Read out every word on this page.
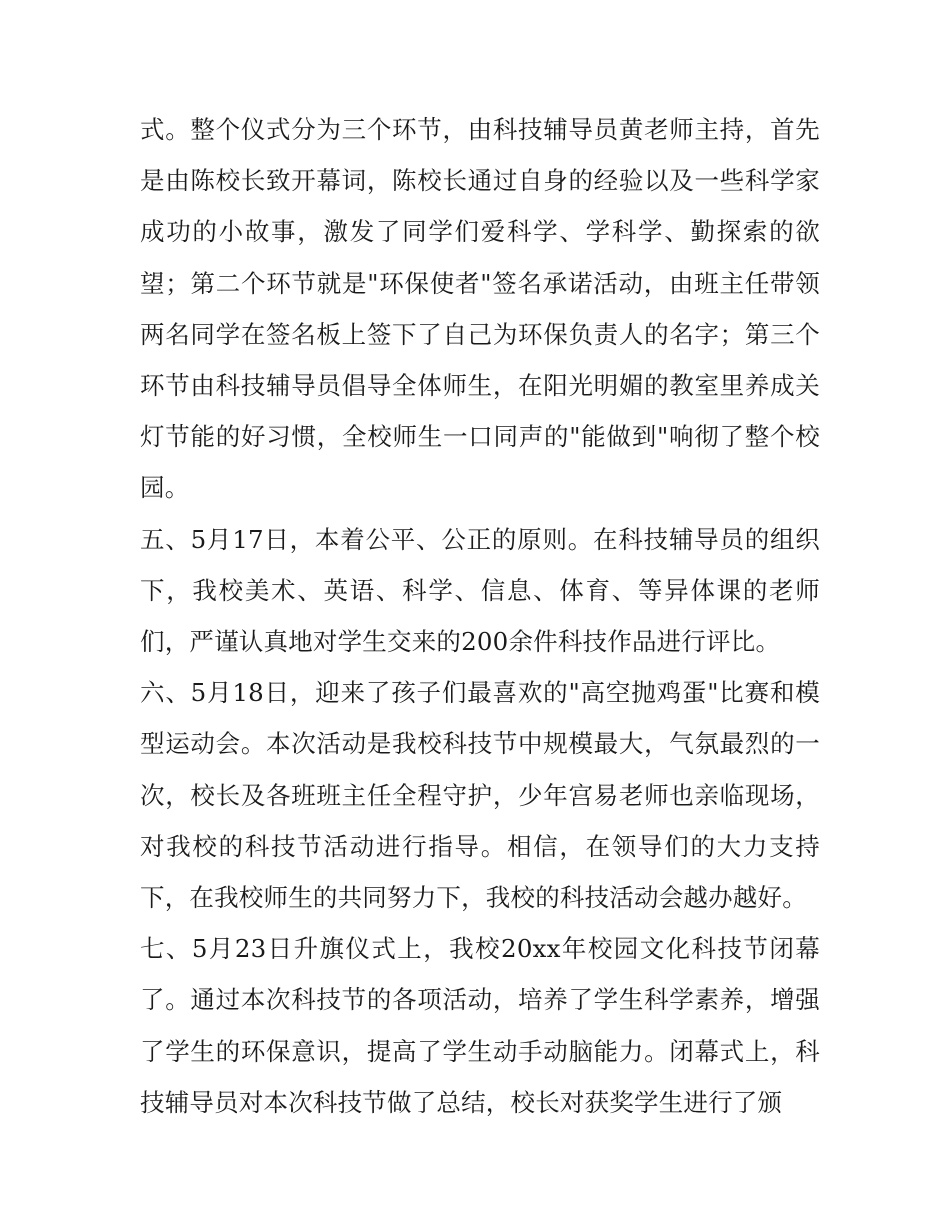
式。整个仪式分为三个环节，由科技辅导员黄老师主持，首先是由陈校长致开幕词，陈校长通过自身的经验以及一些科学家成功的小故事，激发了同学们爱科学、学科学、勤探索的欲望；第二个环节就是"环保使者"签名承诺活动，由班主任带领两名同学在签名板上签下了自己为环保负责人的名字；第三个环节由科技辅导员倡导全体师生，在阳光明媚的教室里养成关灯节能的好习惯，全校师生一口同声的"能做到"响彻了整个校园。

五、5月17日，本着公平、公正的原则。在科技辅导员的组织下，我校美术、英语、科学、信息、体育、等异体课的老师们，严谨认真地对学生交来的200余件科技作品进行评比。

六、5月18日，迎来了孩子们最喜欢的"高空抛鸡蛋"比赛和模型运动会。本次活动是我校科技节中规模最大，气氛最烈的一次，校长及各班班主任全程守护，少年宫易老师也亲临现场，对我校的科技节活动进行指导。相信，在领导们的大力支持下，在我校师生的共同努力下，我校的科技活动会越办越好。

七、5月23日升旗仪式上，我校20xx年校园文化科技节闭幕了。通过本次科技节的各项活动，培养了学生科学素养，增强了学生的环保意识，提高了学生动手动脑能力。闭幕式上，科技辅导员对本次科技节做了总结，校长对获奖学生进行了颁
